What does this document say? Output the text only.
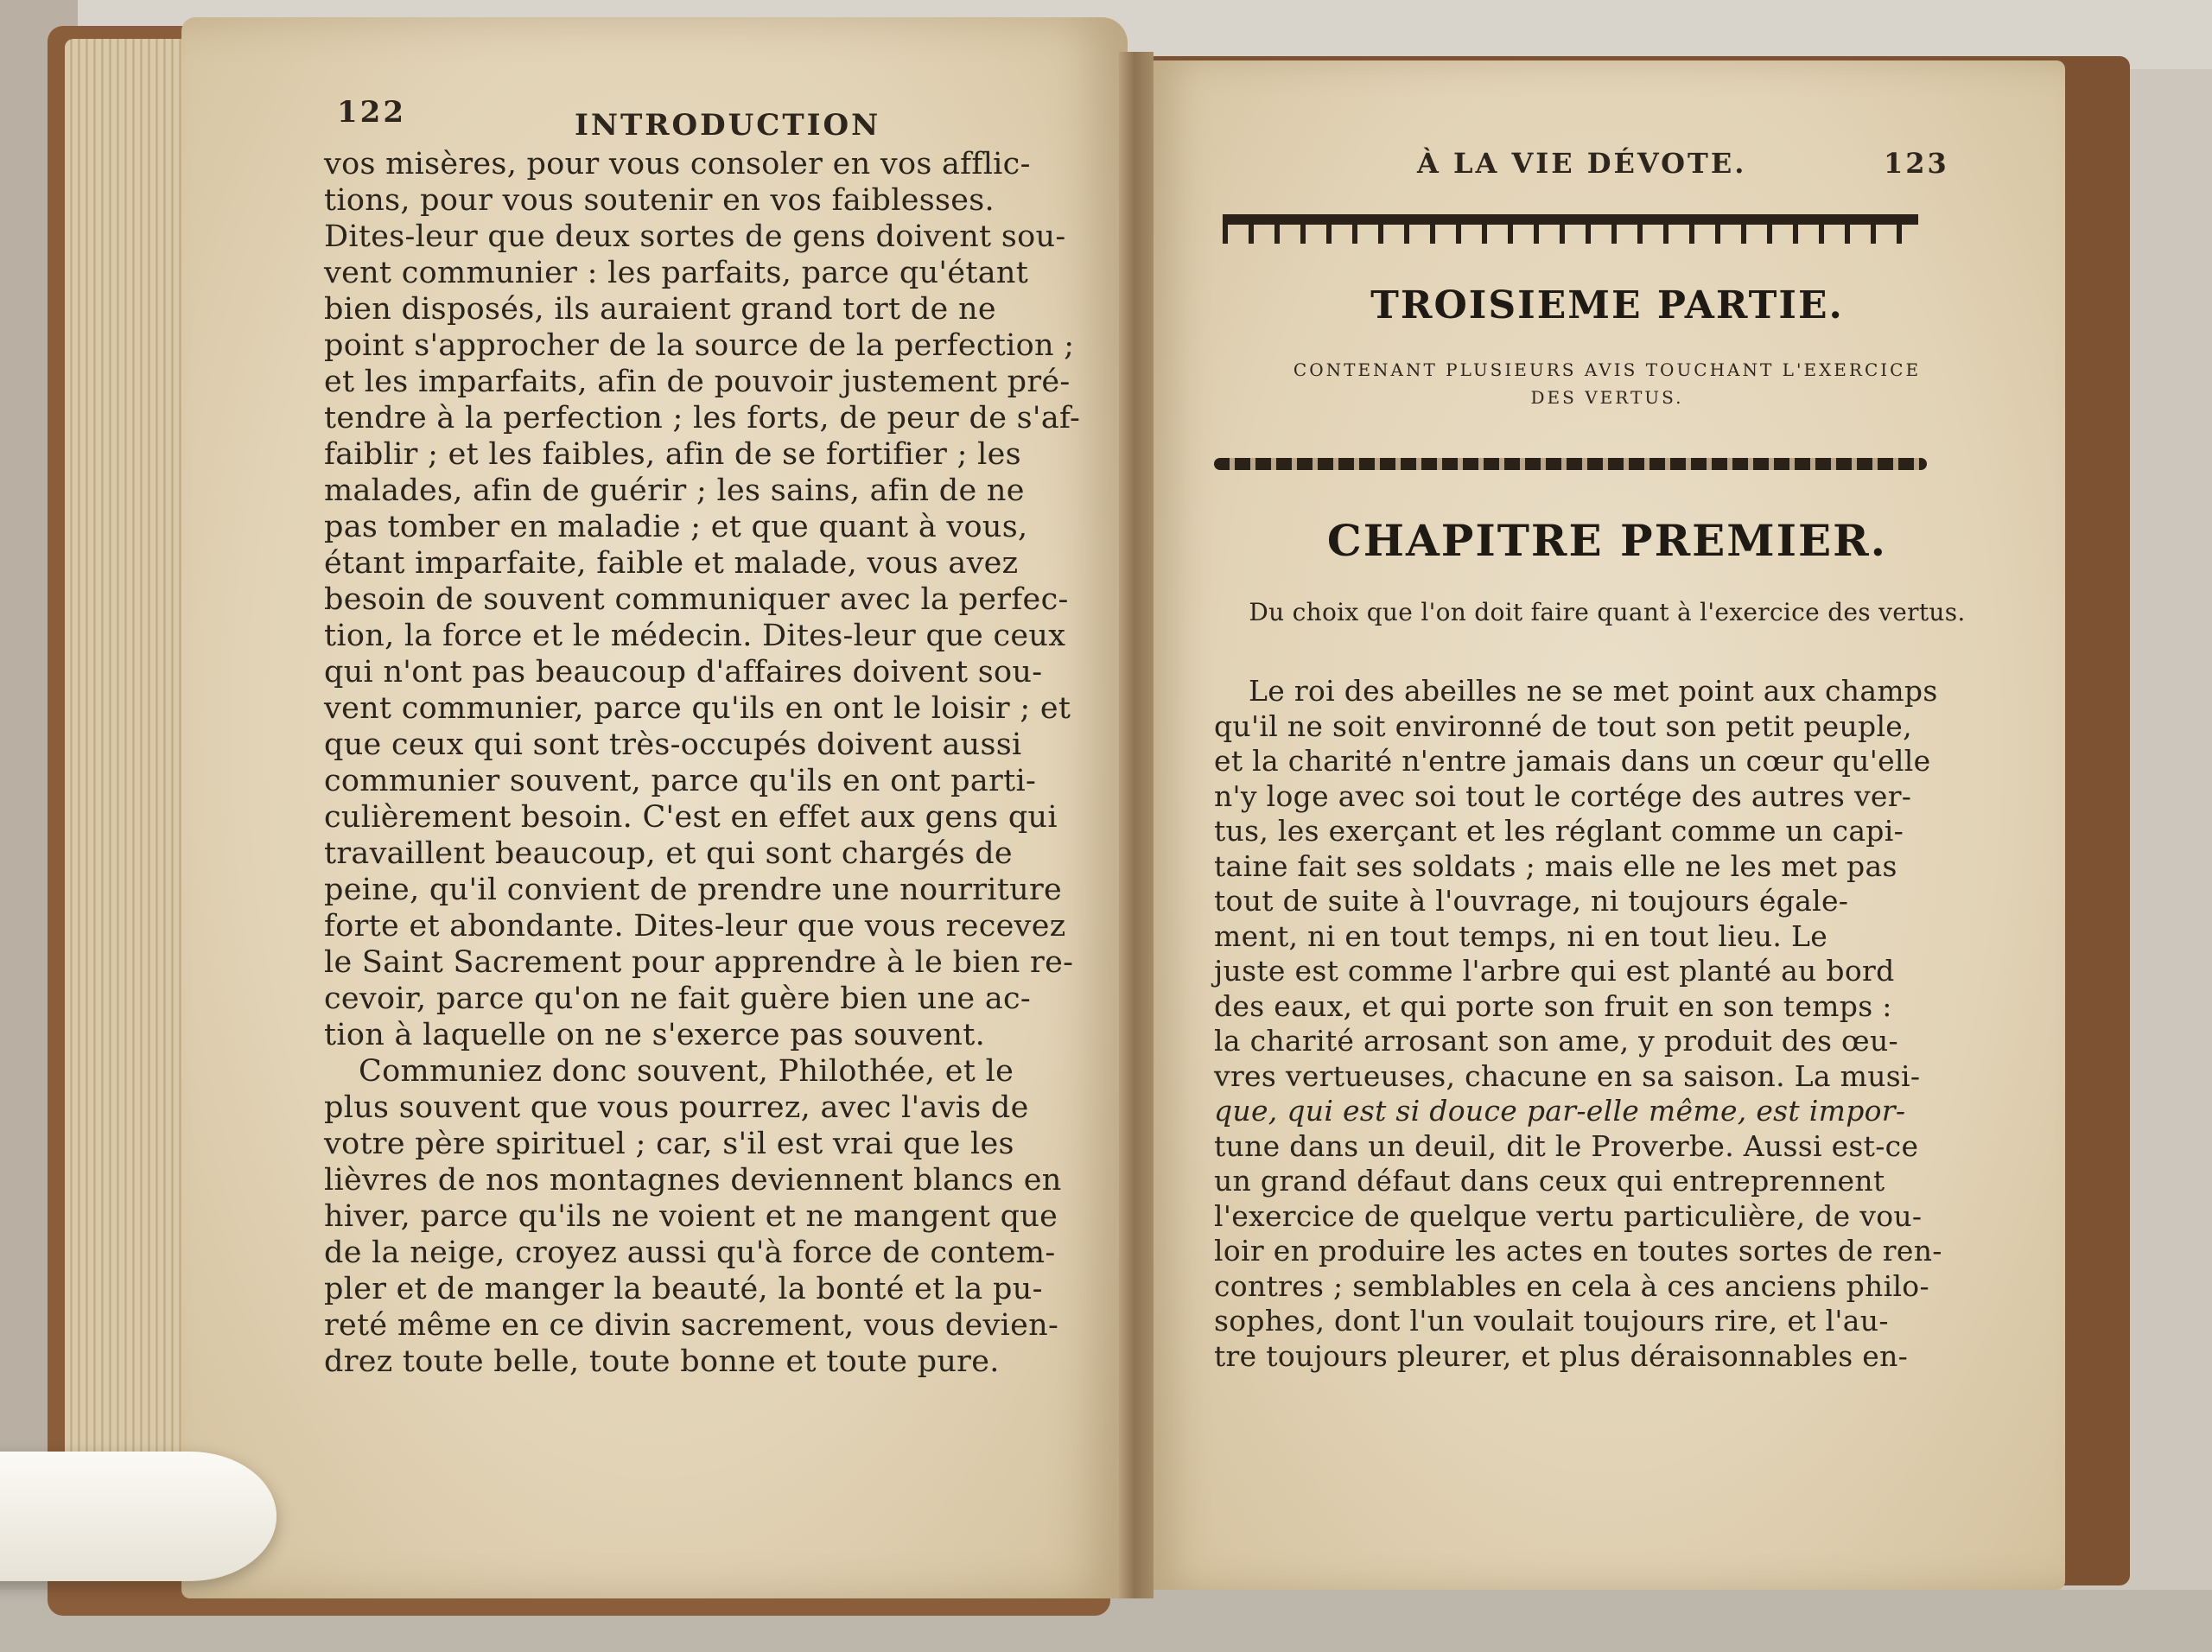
122	INTRODUCTION
vos misères, pour vous consoler en vos afflic-
tions, pour vous soutenir en vos faiblesses.
Dites-leur que deux sortes de gens doivent sou-
vent communier : les parfaits, parce qu'étant
bien disposés, ils auraient grand tort de ne
point s'approcher de la source de la perfection ;
et les imparfaits, afin de pouvoir justement pré-
tendre à la perfection ; les forts, de peur de s'af-
faiblir ; et les faibles, afin de se fortifier ; les
malades, afin de guérir ; les sains, afin de ne
pas tomber en maladie ; et que quant à vous,
étant imparfaite, faible et malade, vous avez
besoin de souvent communiquer avec la perfec-
tion, la force et le médecin. Dites-leur que ceux
qui n'ont pas beaucoup d'affaires doivent sou-
vent communier, parce qu'ils en ont le loisir ; et
que ceux qui sont très-occupés doivent aussi
communier souvent, parce qu'ils en ont parti-
culièrement besoin. C'est en effet aux gens qui
travaillent beaucoup, et qui sont chargés de
peine, qu'il convient de prendre une nourriture
forte et abondante. Dites-leur que vous recevez
le Saint Sacrement pour apprendre à le bien re-
cevoir, parce qu'on ne fait guère bien une ac-
tion à laquelle on ne s'exerce pas souvent.
Communiez donc souvent, Philothée, et le
plus souvent que vous pourrez, avec l'avis de
votre père spirituel ; car, s'il est vrai que les
lièvres de nos montagnes deviennent blancs en
hiver, parce qu'ils ne voient et ne mangent que
de la neige, croyez aussi qu'à force de contem-
pler et de manger la beauté, la bonté et la pu-
reté même en ce divin sacrement, vous devien-
drez toute belle, toute bonne et toute pure.
À LA VIE DÉVOTE.	123
TROISIEME PARTIE.
CONTENANT PLUSIEURS AVIS TOUCHANT L'EXERCICE
DES VERTUS.
CHAPITRE PREMIER.
Du choix que l'on doit faire quant à l'exercice des vertus.
Le roi des abeilles ne se met point aux champs
qu'il ne soit environné de tout son petit peuple,
et la charité n'entre jamais dans un cœur qu'elle
n'y loge avec soi tout le cortége des autres ver-
tus, les exerçant et les réglant comme un capi-
taine fait ses soldats ; mais elle ne les met pas
tout de suite à l'ouvrage, ni toujours égale-
ment, ni en tout temps, ni en tout lieu. Le
juste est comme l'arbre qui est planté au bord
des eaux, et qui porte son fruit en son temps :
la charité arrosant son ame, y produit des œu-
vres vertueuses, chacune en sa saison. La musi-
que, qui est si douce par-elle même, est impor-
tune dans un deuil, dit le Proverbe. Aussi est-ce
un grand défaut dans ceux qui entreprennent
l'exercice de quelque vertu particulière, de vou-
loir en produire les actes en toutes sortes de ren-
contres ; semblables en cela à ces anciens philo-
sophes, dont l'un voulait toujours rire, et l'au-
tre toujours pleurer, et plus déraisonnables en-
